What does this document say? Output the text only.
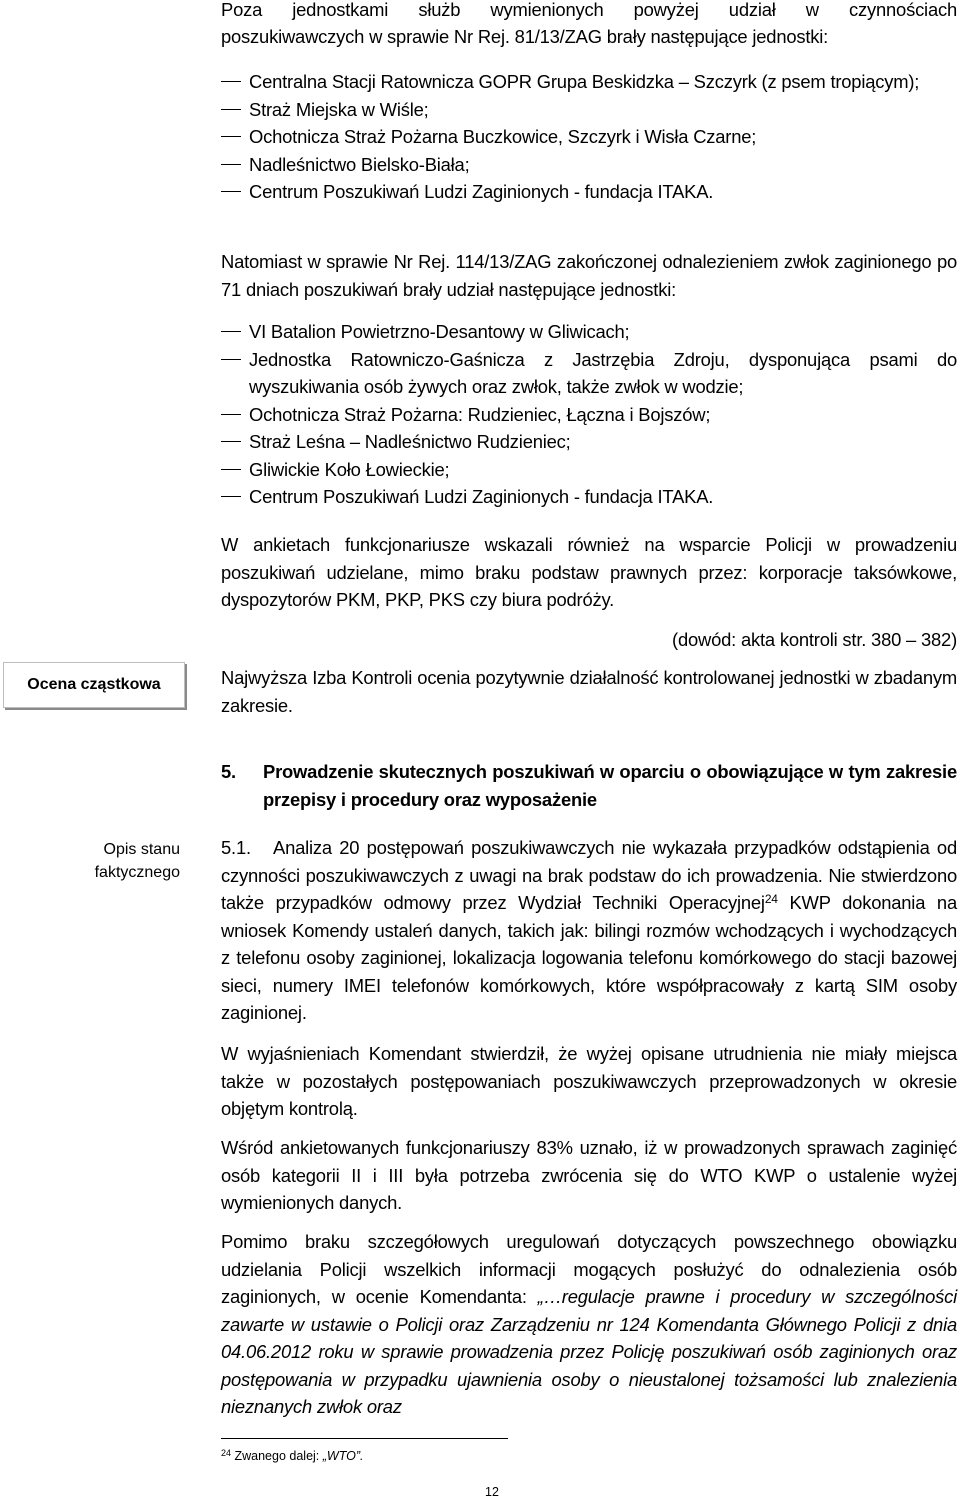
Poza jednostkami służb wymienionych powyżej udział w czynnościach
poszukiwawczych w sprawie Nr Rej. 81/13/ZAG brały następujące jednostki:
Centralna Stacji Ratownicza GOPR Grupa Beskidzka – Szczyrk (z psem tropiącym);
Straż Miejska w Wiśle;
Ochotnicza Straż Pożarna Buczkowice, Szczyrk i Wisła Czarne;
Nadleśnictwo Bielsko-Biała;
Centrum Poszukiwań Ludzi Zaginionych - fundacja ITAKA.
Natomiast w sprawie Nr Rej. 114/13/ZAG zakończonej odnalezieniem zwłok zaginionego po 71 dniach poszukiwań brały udział następujące jednostki:
VI Batalion Powietrzno-Desantowy w Gliwicach;
Jednostka Ratowniczo-Gaśnicza z Jastrzębia Zdroju, dysponująca psami do wyszukiwania osób żywych oraz zwłok, także zwłok w wodzie;
Ochotnicza Straż Pożarna: Rudzieniec, Łączna i Bojszów;
Straż Leśna – Nadleśnictwo Rudzieniec;
Gliwickie Koło Łowieckie;
Centrum Poszukiwań Ludzi Zaginionych - fundacja ITAKA.
W ankietach funkcjonariusze wskazali również na wsparcie Policji w prowadzeniu poszukiwań udzielane, mimo braku podstaw prawnych przez: korporacje taksówkowe, dyspozytorów PKM, PKP, PKS czy biura podróży.
(dowód: akta kontroli str. 380 – 382)
Ocena cząstkowa	Najwyższa Izba Kontroli ocenia pozytywnie działalność kontrolowanej jednostki w zbadanym zakresie.
5. Prowadzenie skutecznych poszukiwań w oparciu o obowiązujące w tym zakresie przepisy i procedury oraz wyposażenie
Opis stanu
faktycznego
5.1. Analiza 20 postępowań poszukiwawczych nie wykazała przypadków odstąpienia od czynności poszukiwawczych z uwagi na brak podstaw do ich prowadzenia. Nie stwierdzono także przypadków odmowy przez Wydział Techniki Operacyjnej$^{24}$ KWP dokonania na wniosek Komendy ustaleń danych, takich jak: bilingi rozmów wchodzących i wychodzących z telefonu osoby zaginionej, lokalizacja logowania telefonu komórkowego do stacji bazowej sieci, numery IMEI telefonów komórkowych, które współpracowały z kartą SIM osoby zaginionej.
W wyjaśnieniach Komendant stwierdził, że wyżej opisane utrudnienia nie miały miejsca także w pozostałych postępowaniach poszukiwawczych przeprowadzonych w okresie objętym kontrolą.
Wśród ankietowanych funkcjonariuszy 83% uznało, iż w prowadzonych sprawach zaginięć osób kategorii II i III była potrzeba zwrócenia się do WTO KWP o ustalenie wyżej wymienionych danych.
Pomimo braku szczegółowych uregulowań dotyczących powszechnego obowiązku udzielania Policji wszelkich informacji mogących posłużyć do odnalezienia osób zaginionych, w ocenie Komendanta: „…regulacje prawne i procedury w szczególności zawarte w ustawie o Policji oraz Zarządzeniu nr 124 Komendanta Głównego Policji z dnia 04.06.2012 roku w sprawie prowadzenia przez Policję poszukiwań osób zaginionych oraz postępowania w przypadku ujawnienia osoby o nieustalonej tożsamości lub znalezienia nieznanych zwłok oraz
$^{24}$ Zwanego dalej: „WTO”.
12
